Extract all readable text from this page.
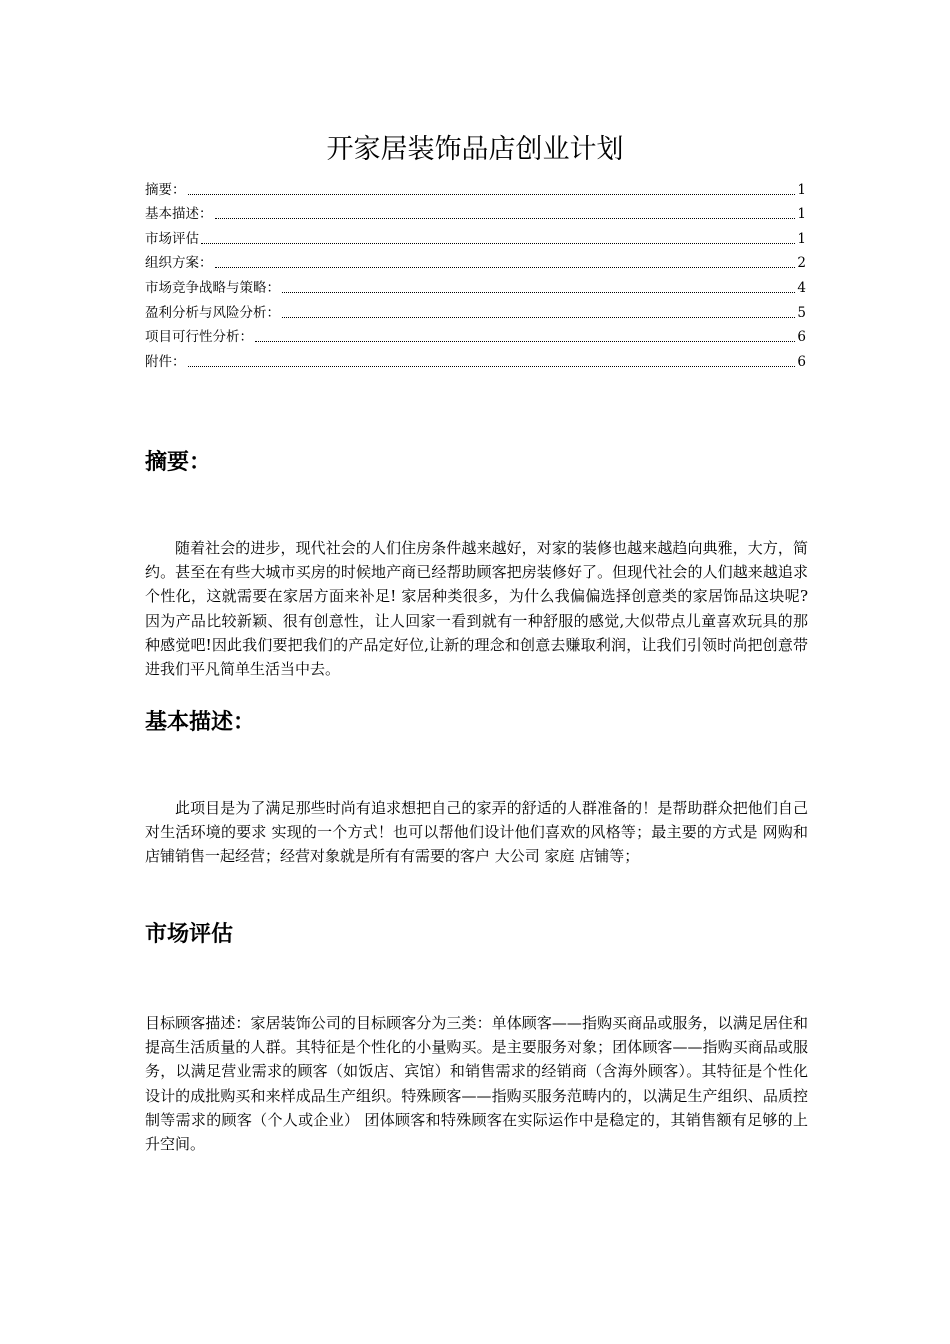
开家居装饰品店创业计划
摘要：	1
基本描述：	1
市场评估	1
组织方案：	2
市场竞争战略与策略：	4
盈利分析与风险分析：	5
项目可行性分析：	6
附件：	6
摘要：

随着社会的进步，现代社会的人们住房条件越来越好，对家的装修也越来越趋向典雅，大方，简约。甚至在有些大城市买房的时候地产商已经帮助顾客把房装修好了。但现代社会的人们越来越追求个性化，这就需要在家居方面来补足! 家居种类很多，为什么我偏偏选择创意类的家居饰品这块呢?因为产品比较新颖、很有创意性，让人回家一看到就有一种舒服的感觉,大似带点儿童喜欢玩具的那种感觉吧!因此我们要把我们的产品定好位,让新的理念和创意去赚取利润，让我们引领时尚把创意带进我们平凡简单生活当中去。

基本描述：

此项目是为了满足那些时尚有追求想把自己的家弄的舒适的人群准备的！是帮助群众把他们自己对生活环境的要求 实现的一个方式！也可以帮他们设计他们喜欢的风格等；最主要的方式是 网购和店铺销售一起经营；经营对象就是所有有需要的客户 大公司 家庭 店铺等；

市场评估

目标顾客描述：家居装饰公司的目标顾客分为三类：单体顾客——指购买商品或服务，以满足居住和提高生活质量的人群。其特征是个性化的小量购买。是主要服务对象；团体顾客——指购买商品或服务，以满足营业需求的顾客（如饭店、宾馆）和销售需求的经销商（含海外顾客）。其特征是个性化设计的成批购买和来样成品生产组织。特殊顾客——指购买服务范畴内的，以满足生产组织、品质控制等需求的顾客（个人或企业） 团体顾客和特殊顾客在实际运作中是稳定的，其销售额有足够的上升空间。
